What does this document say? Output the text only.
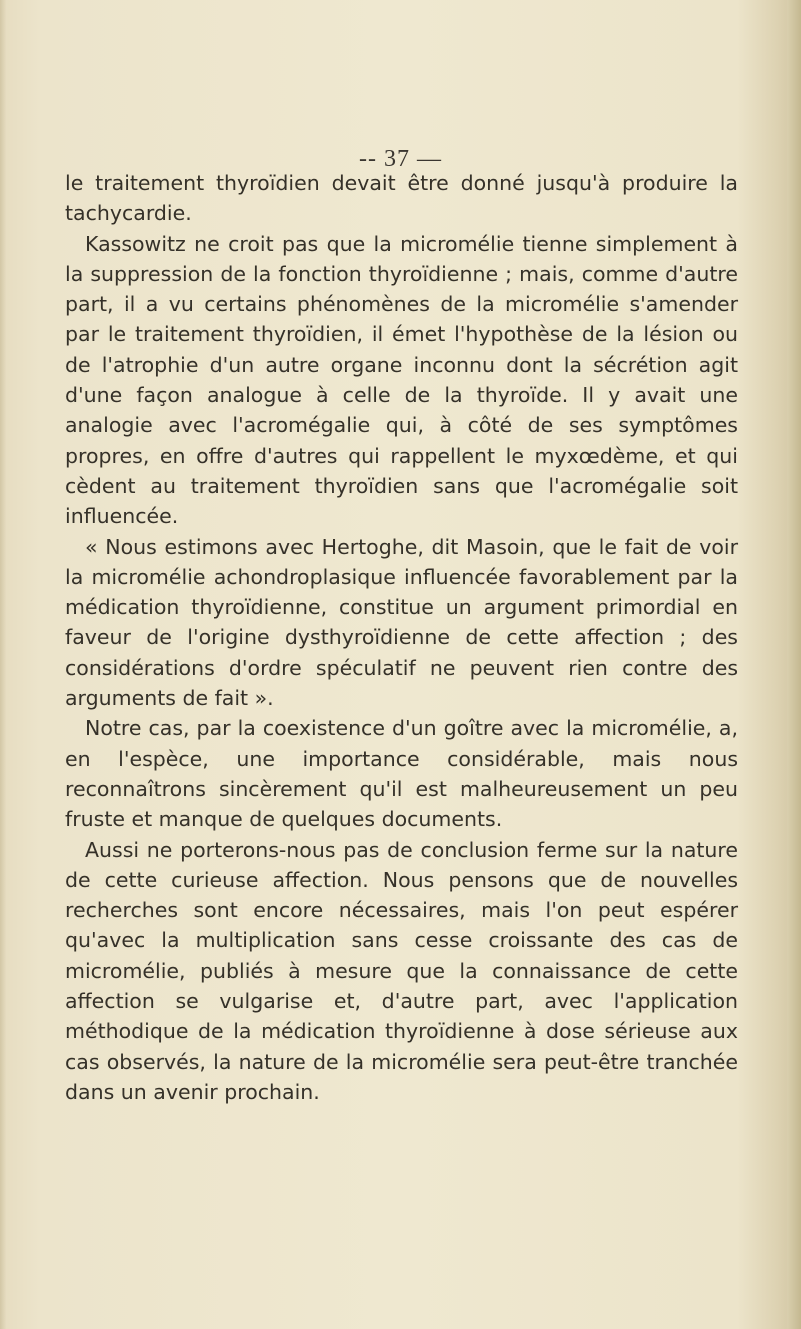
-- 37 —

le traitement thyroïdien devait être donné jusqu'à produire la tachycardie.

Kassowitz ne croit pas que la micromélie tienne simplement à la suppression de la fonction thyroïdienne ; mais, comme d'autre part, il a vu certains phénomènes de la micromélie s'amender par le traitement thyroïdien, il émet l'hypothèse de la lésion ou de l'atrophie d'un autre organe inconnu dont la sécrétion agit d'une façon analogue à celle de la thyroïde. Il y avait une analogie avec l'acromégalie qui, à côté de ses symptômes propres, en offre d'autres qui rappellent le myxœdème, et qui cèdent au traitement thyroïdien sans que l'acromégalie soit influencée.

« Nous estimons avec Hertoghe, dit Masoin, que le fait de voir la micromélie achondroplasique influencée favorablement par la médication thyroïdienne, constitue un argument primordial en faveur de l'origine dysthyroïdienne de cette affection ; des considérations d'ordre spéculatif ne peuvent rien contre des arguments de fait ».

Notre cas, par la coexistence d'un goître avec la micromélie, a, en l'espèce, une importance considérable, mais nous reconnaîtrons sincèrement qu'il est malheureusement un peu fruste et manque de quelques documents.

Aussi ne porterons-nous pas de conclusion ferme sur la nature de cette curieuse affection. Nous pensons que de nouvelles recherches sont encore nécessaires, mais l'on peut espérer qu'avec la multiplication sans cesse croissante des cas de micromélie, publiés à mesure que la connaissance de cette affection se vulgarise et, d'autre part, avec l'application méthodique de la médication thyroïdienne à dose sérieuse aux cas observés, la nature de la micromélie sera peut-être tranchée dans un avenir prochain.
